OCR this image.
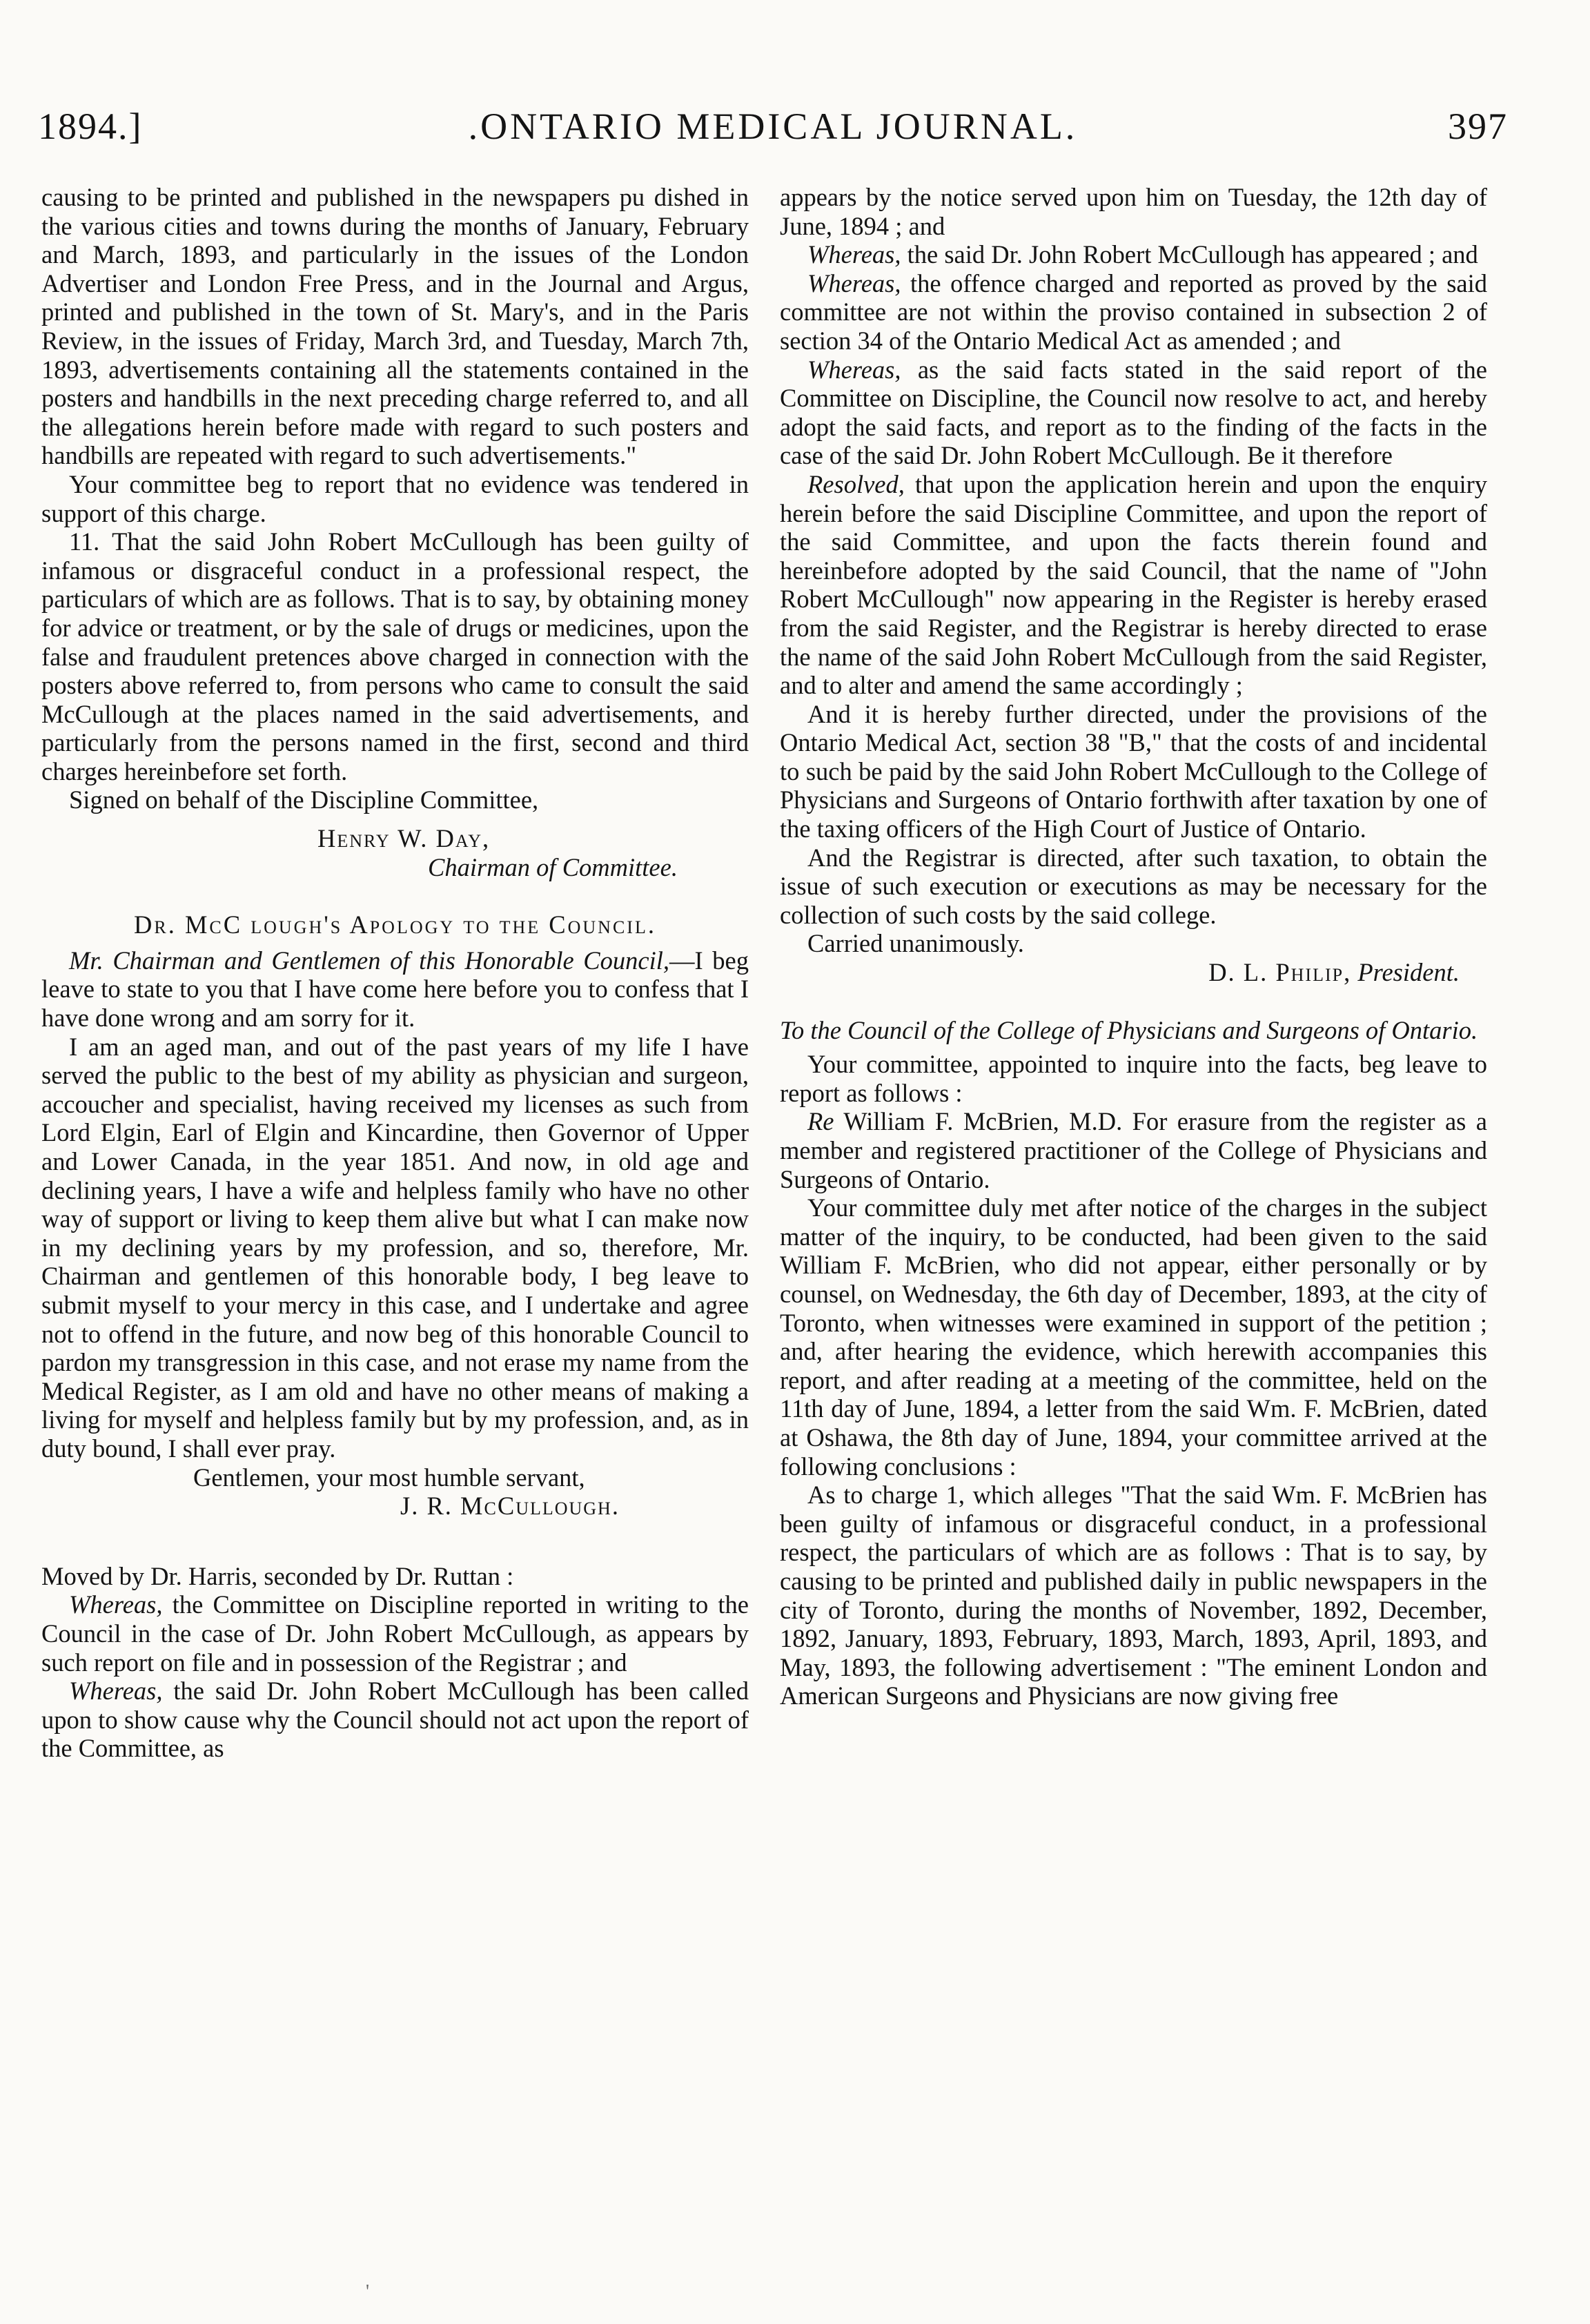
1894.]	.ONTARIO MEDICAL JOURNAL.	397

causing to be printed and published in the newspapers pu dished in the various cities and towns during the months of January, February and March, 1893, and particularly in the issues of the London Advertiser and London Free Press, and in the Journal and Argus, printed and published in the town of St. Mary's, and in the Paris Review, in the issues of Friday, March 3rd, and Tuesday, March 7th, 1893, advertisements containing all the statements contained in the posters and handbills in the next preceding charge referred to, and all the allegations herein before made with regard to such posters and handbills are repeated with regard to such advertisements."

Your committee beg to report that no evidence was tendered in support of this charge.

11. That the said John Robert McCullough has been guilty of infamous or disgraceful conduct in a professional respect, the particulars of which are as follows. That is to say, by obtaining money for advice or treatment, or by the sale of drugs or medicines, upon the false and fraudulent pretences above charged in connection with the posters above referred to, from persons who came to consult the said McCullough at the places named in the said advertisements, and particularly from the persons named in the first, second and third charges hereinbefore set forth.

Signed on behalf of the Discipline Committee,

Henry W. Day,

Chairman of Committee.

Dr. McC lough's Apology to the Council.

Mr. Chairman and Gentlemen of this Honorable Council,—I beg leave to state to you that I have come here before you to confess that I have done wrong and am sorry for it.

I am an aged man, and out of the past years of my life I have served the public to the best of my ability as physician and surgeon, accoucher and specialist, having received my licenses as such from Lord Elgin, Earl of Elgin and Kincardine, then Governor of Upper and Lower Canada, in the year 1851. And now, in old age and declining years, I have a wife and helpless family who have no other way of support or living to keep them alive but what I can make now in my declining years by my profession, and so, therefore, Mr. Chairman and gentlemen of this honorable body, I beg leave to submit myself to your mercy in this case, and I undertake and agree not to offend in the future, and now beg of this honorable Council to pardon my transgression in this case, and not erase my name from the Medical Register, as I am old and have no other means of making a living for myself and helpless family but by my profession, and, as in duty bound, I shall ever pray.

Gentlemen, your most humble servant,

J. R. McCullough.

Moved by Dr. Harris, seconded by Dr. Ruttan :

Whereas, the Committee on Discipline reported in writing to the Council in the case of Dr. John Robert McCullough, as appears by such report on file and in possession of the Registrar ; and

Whereas, the said Dr. John Robert McCullough has been called upon to show cause why the Council should not act upon the report of the Committee, as

appears by the notice served upon him on Tuesday, the 12th day of June, 1894 ; and

Whereas, the said Dr. John Robert McCullough has appeared ; and

Whereas, the offence charged and reported as proved by the said committee are not within the proviso contained in subsection 2 of section 34 of the Ontario Medical Act as amended ; and

Whereas, as the said facts stated in the said report of the Committee on Discipline, the Council now resolve to act, and hereby adopt the said facts, and report as to the finding of the facts in the case of the said Dr. John Robert McCullough. Be it therefore

Resolved, that upon the application herein and upon the enquiry herein before the said Discipline Committee, and upon the report of the said Committee, and upon the facts therein found and hereinbefore adopted by the said Council, that the name of "John Robert McCullough" now appearing in the Register is hereby erased from the said Register, and the Registrar is hereby directed to erase the name of the said John Robert McCullough from the said Register, and to alter and amend the same accordingly ;

And it is hereby further directed, under the provisions of the Ontario Medical Act, section 38 "B," that the costs of and incidental to such be paid by the said John Robert McCullough to the College of Physicians and Surgeons of Ontario forthwith after taxation by one of the taxing officers of the High Court of Justice of Ontario.

And the Registrar is directed, after such taxation, to obtain the issue of such execution or executions as may be necessary for the collection of such costs by the said college.

Carried unanimously.

D. L. Philip, President.

To the Council of the College of Physicians and Surgeons of Ontario.

Your committee, appointed to inquire into the facts, beg leave to report as follows :

Re William F. McBrien, M.D. For erasure from the register as a member and registered practitioner of the College of Physicians and Surgeons of Ontario.

Your committee duly met after notice of the charges in the subject matter of the inquiry, to be conducted, had been given to the said William F. McBrien, who did not appear, either personally or by counsel, on Wednesday, the 6th day of December, 1893, at the city of Toronto, when witnesses were examined in support of the petition ; and, after hearing the evidence, which herewith accompanies this report, and after reading at a meeting of the committee, held on the 11th day of June, 1894, a letter from the said Wm. F. McBrien, dated at Oshawa, the 8th day of June, 1894, your committee arrived at the following conclusions :

As to charge 1, which alleges "That the said Wm. F. McBrien has been guilty of infamous or disgraceful conduct, in a professional respect, the particulars of which are as follows : That is to say, by causing to be printed and published daily in public newspapers in the city of Toronto, during the months of November, 1892, December, 1892, January, 1893, February, 1893, March, 1893, April, 1893, and May, 1893, the following advertisement : "The eminent London and American Surgeons and Physicians are now giving free

'
